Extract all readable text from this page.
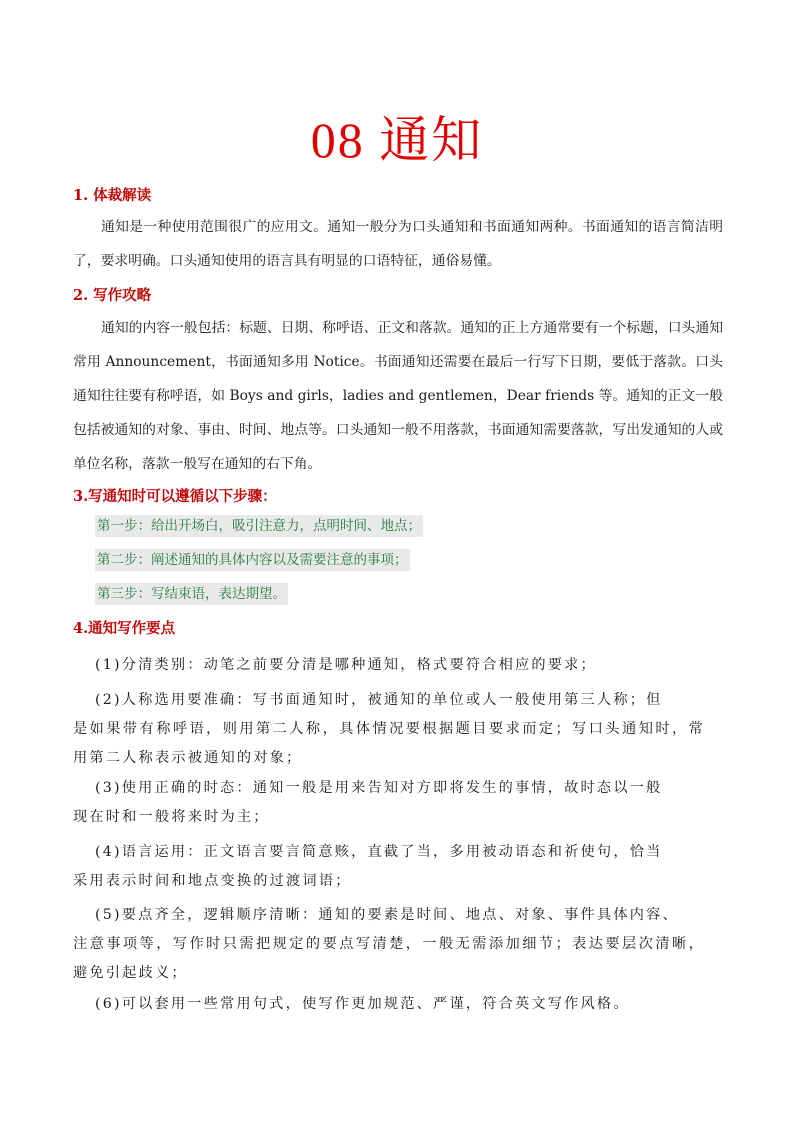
08 通知
1. 体裁解读
通知是一种使用范围很广的应用文。通知一般分为口头通知和书面通知两种。书面通知的语言简洁明了，要求明确。口头通知使用的语言具有明显的口语特征，通俗易懂。
2. 写作攻略
通知的内容一般包括：标题、日期、称呼语、正文和落款。通知的正上方通常要有一个标题，口头通知常用 Announcement，书面通知多用 Notice。书面通知还需要在最后一行写下日期，要低于落款。口头通知往往要有称呼语，如 Boys and girls，ladies and gentlemen，Dear friends 等。通知的正文一般包括被通知的对象、事由、时间、地点等。口头通知一般不用落款，书面通知需要落款，写出发通知的人或单位名称，落款一般写在通知的右下角。
3.写通知时可以遵循以下步骤：
第一步：给出开场白，吸引注意力，点明时间、地点；
第二步：阐述通知的具体内容以及需要注意的事项；
第三步：写结束语，表达期望。
4.通知写作要点
(1)分清类别：动笔之前要分清是哪种通知，格式要符合相应的要求；
(2)人称选用要准确：写书面通知时，被通知的单位或人一般使用第三人称；但
是如果带有称呼语，则用第二人称，具体情况要根据题目要求而定；写口头通知时，常用第二人称表示被通知的对象；
(3)使用正确的时态：通知一般是用来告知对方即将发生的事情，故时态以一般
现在时和一般将来时为主；
(4)语言运用：正文语言要言简意赅，直截了当，多用被动语态和祈使句，恰当
采用表示时间和地点变换的过渡词语；
(5)要点齐全，逻辑顺序清晰：通知的要素是时间、地点、对象、事件具体内容、
注意事项等，写作时只需把规定的要点写清楚，一般无需添加细节；表达要层次清晰，避免引起歧义；
(6)可以套用一些常用句式，使写作更加规范、严谨，符合英文写作风格。
